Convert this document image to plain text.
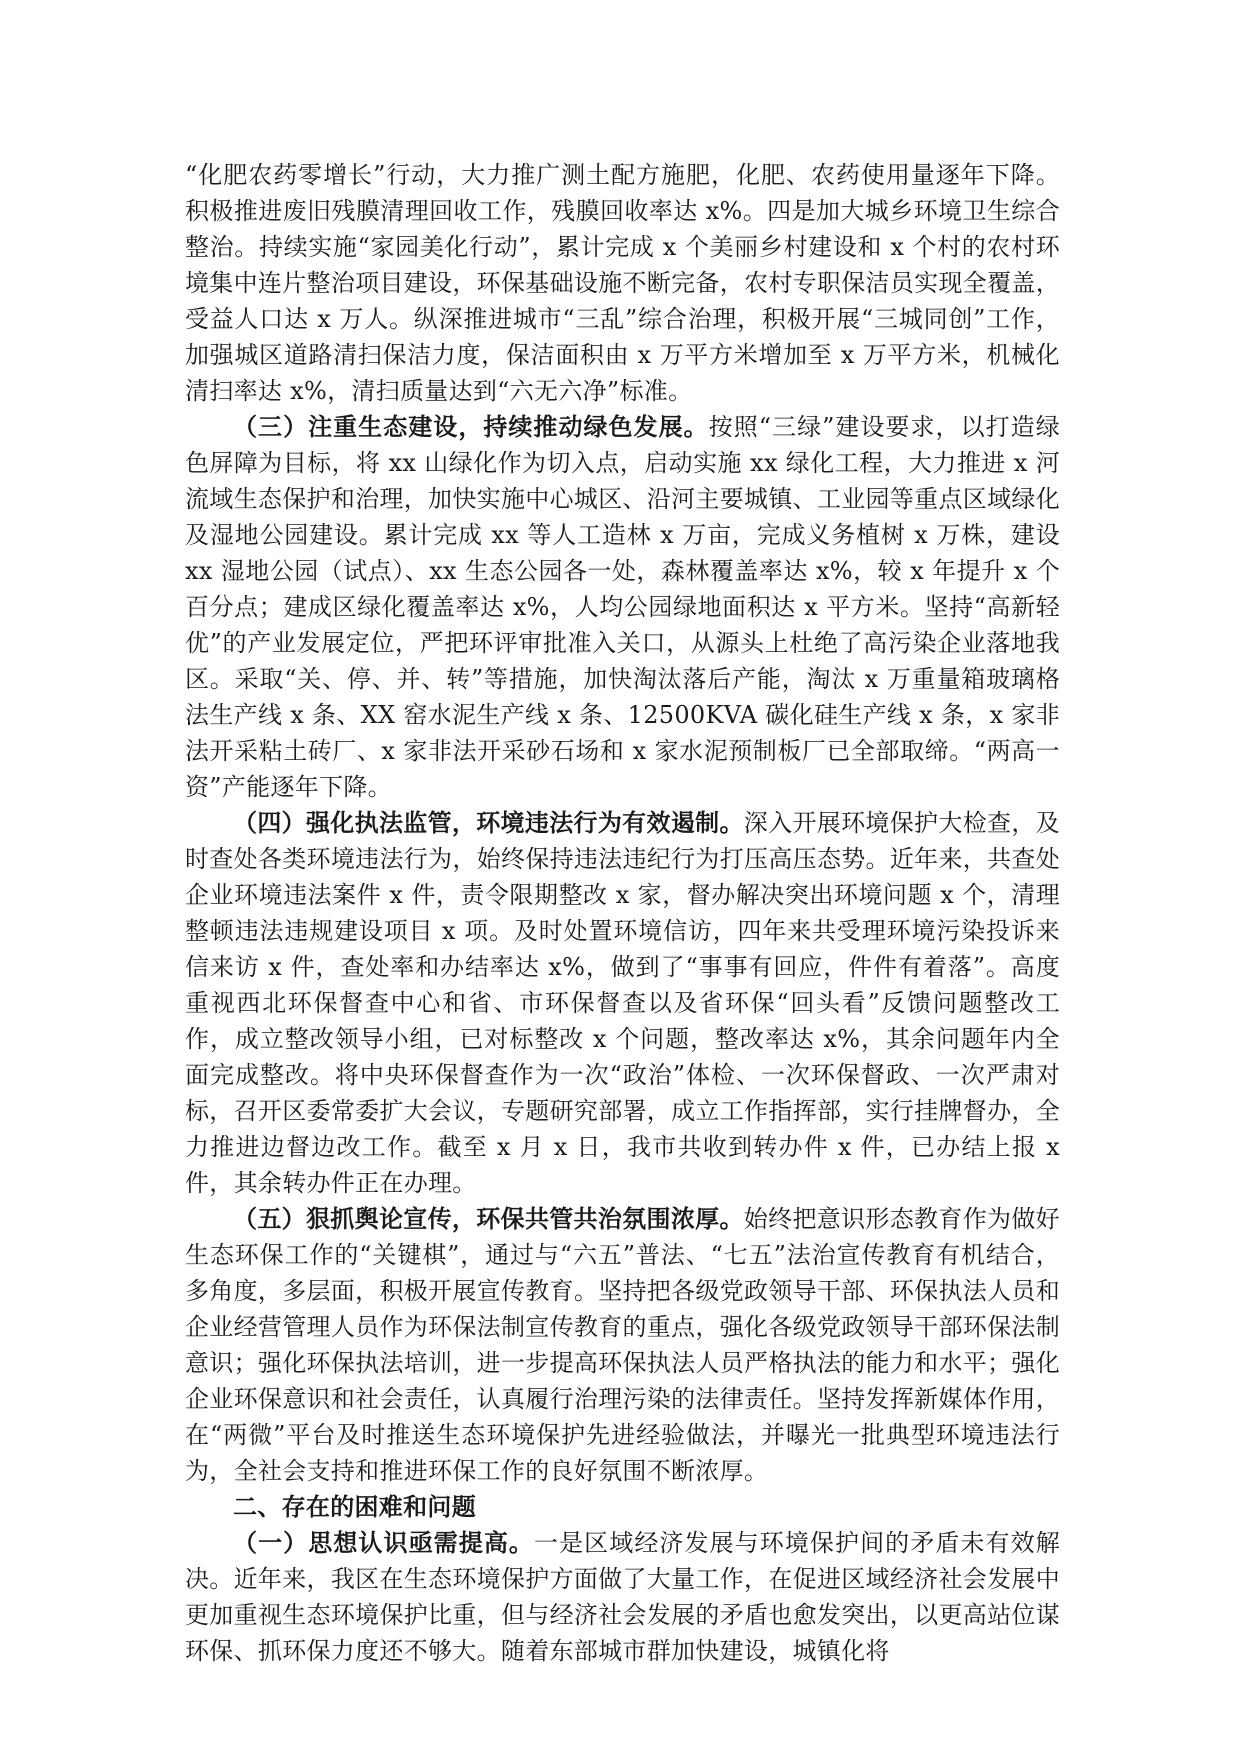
“化肥农药零增长”行动，大力推广测土配方施肥，化肥、农药使用量逐年下降。积极推进废旧残膜清理回收工作，残膜回收率达 x%。四是加大城乡环境卫生综合整治。持续实施“家园美化行动”，累计完成 x 个美丽乡村建设和 x 个村的农村环境集中连片整治项目建设，环保基础设施不断完备，农村专职保洁员实现全覆盖，受益人口达 x 万人。纵深推进城市“三乱”综合治理，积极开展“三城同创”工作，加强城区道路清扫保洁力度，保洁面积由 x 万平方米增加至 x 万平方米，机械化清扫率达 x%，清扫质量达到“六无六净”标准。

（三）注重生态建设，持续推动绿色发展。按照“三绿”建设要求，以打造绿色屏障为目标，将 xx 山绿化作为切入点，启动实施 xx 绿化工程，大力推进 x 河流域生态保护和治理，加快实施中心城区、沿河主要城镇、工业园等重点区域绿化及湿地公园建设。累计完成 xx 等人工造林 x 万亩，完成义务植树 x 万株，建设 xx 湿地公园（试点）、xx 生态公园各一处，森林覆盖率达 x%，较 x 年提升 x 个百分点；建成区绿化覆盖率达 x%，人均公园绿地面积达 x 平方米。坚持“高新轻优”的产业发展定位，严把环评审批准入关口，从源头上杜绝了高污染企业落地我区。采取“关、停、并、转”等措施，加快淘汰落后产能，淘汰 x 万重量箱玻璃格法生产线 x 条、XX 窑水泥生产线 x 条、12500KVA 碳化硅生产线 x 条，x 家非法开采粘土砖厂、x 家非法开采砂石场和 x 家水泥预制板厂已全部取缔。“两高一资”产能逐年下降。

（四）强化执法监管，环境违法行为有效遏制。深入开展环境保护大检查，及时查处各类环境违法行为，始终保持违法违纪行为打压高压态势。近年来，共查处企业环境违法案件 x 件，责令限期整改 x 家，督办解决突出环境问题 x 个，清理整顿违法违规建设项目 x 项。及时处置环境信访，四年来共受理环境污染投诉来信来访 x 件，查处率和办结率达 x%，做到了“事事有回应，件件有着落”。高度重视西北环保督查中心和省、市环保督查以及省环保“回头看”反馈问题整改工作，成立整改领导小组，已对标整改 x 个问题，整改率达 x%，其余问题年内全面完成整改。将中央环保督查作为一次“政治”体检、一次环保督政、一次严肃对标，召开区委常委扩大会议，专题研究部署，成立工作指挥部，实行挂牌督办，全力推进边督边改工作。截至 x 月 x 日，我市共收到转办件 x 件，已办结上报 x 件，其余转办件正在办理。

（五）狠抓舆论宣传，环保共管共治氛围浓厚。始终把意识形态教育作为做好生态环保工作的“关键棋”，通过与“六五”普法、“七五”法治宣传教育有机结合，多角度，多层面，积极开展宣传教育。坚持把各级党政领导干部、环保执法人员和企业经营管理人员作为环保法制宣传教育的重点，强化各级党政领导干部环保法制意识；强化环保执法培训，进一步提高环保执法人员严格执法的能力和水平；强化企业环保意识和社会责任，认真履行治理污染的法律责任。坚持发挥新媒体作用，在“两微”平台及时推送生态环境保护先进经验做法，并曝光一批典型环境违法行为，全社会支持和推进环保工作的良好氛围不断浓厚。

二、存在的困难和问题

（一）思想认识亟需提高。一是区域经济发展与环境保护间的矛盾未有效解决。近年来，我区在生态环境保护方面做了大量工作，在促进区域经济社会发展中更加重视生态环境保护比重，但与经济社会发展的矛盾也愈发突出，以更高站位谋环保、抓环保力度还不够大。随着东部城市群加快建设，城镇化将
